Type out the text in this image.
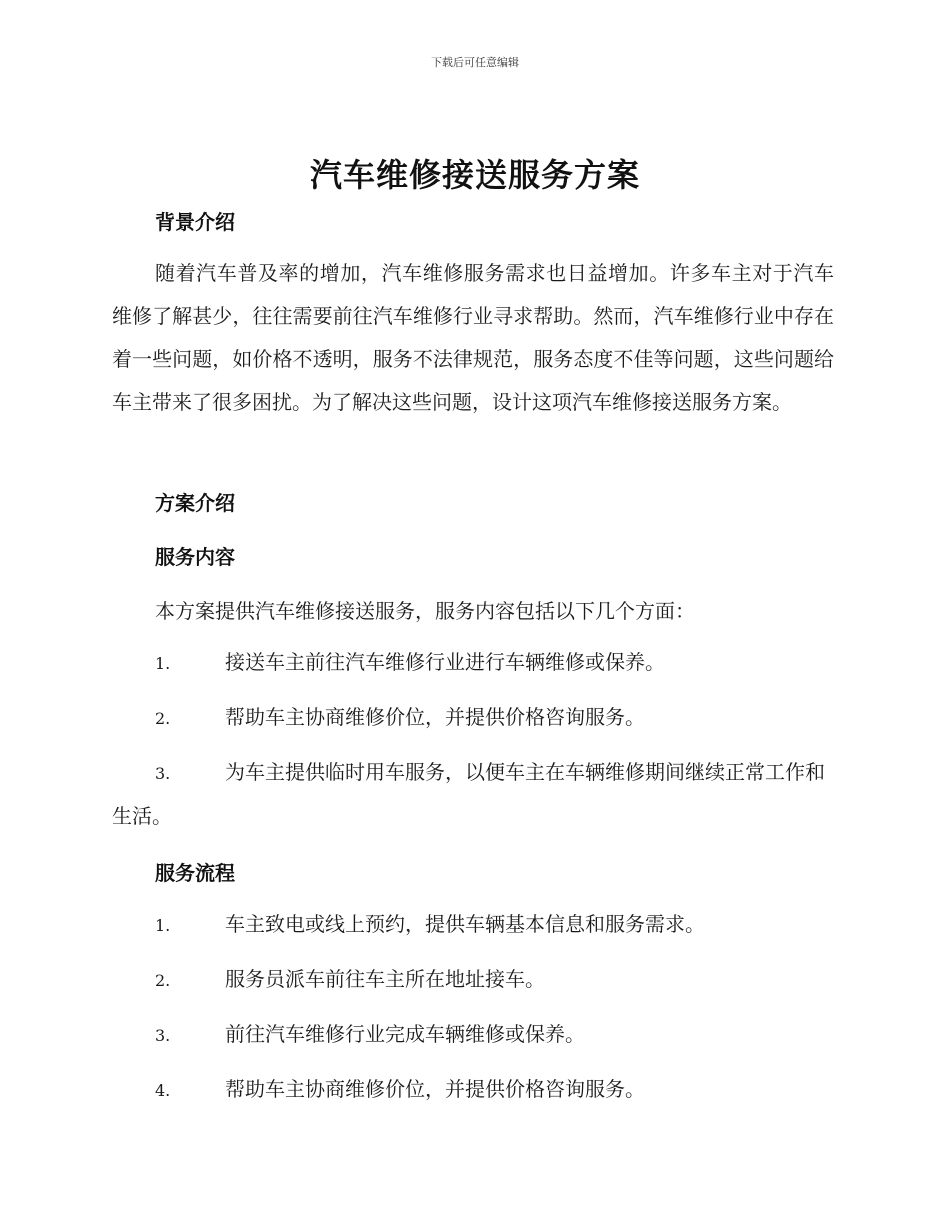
下载后可任意编辑
汽车维修接送服务方案
背景介绍
随着汽车普及率的增加，汽车维修服务需求也日益增加。许多车主对于汽车维修了解甚少，往往需要前往汽车维修行业寻求帮助。然而，汽车维修行业中存在着一些问题，如价格不透明，服务不法律规范，服务态度不佳等问题，这些问题给车主带来了很多困扰。为了解决这些问题，设计这项汽车维修接送服务方案。
方案介绍
服务内容
本方案提供汽车维修接送服务，服务内容包括以下几个方面：
1.	接送车主前往汽车维修行业进行车辆维修或保养。
2.	帮助车主协商维修价位，并提供价格咨询服务。
3.	为车主提供临时用车服务，以便车主在车辆维修期间继续正常工作和生活。
服务流程
1.	车主致电或线上预约，提供车辆基本信息和服务需求。
2.	服务员派车前往车主所在地址接车。
3.	前往汽车维修行业完成车辆维修或保养。
4.	帮助车主协商维修价位，并提供价格咨询服务。
